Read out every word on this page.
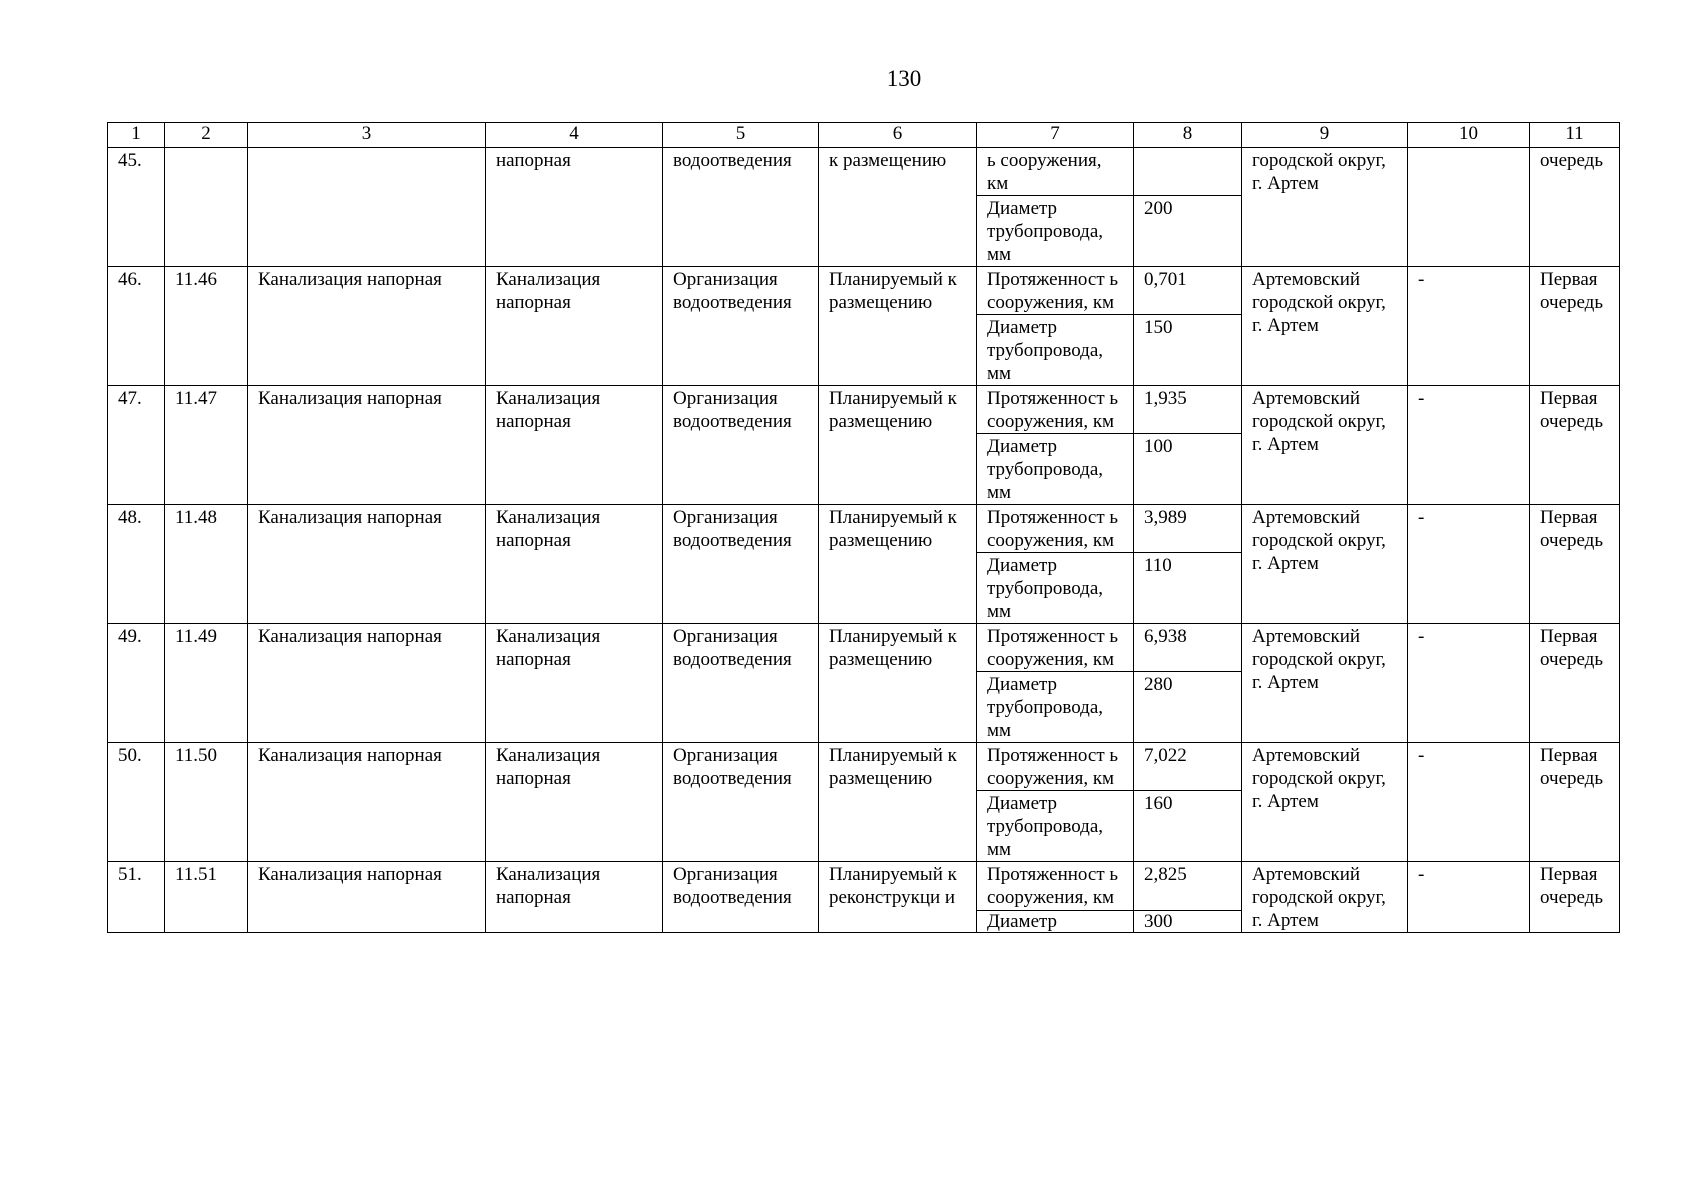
130
1	2	3	4	5	6	7	8	9	10	11
45.			напорная	водоотведения	к размещению	ь сооружения, км		городской округ, г. Артем		очередь
						Диаметр трубопровода, мм	200			
46.	11.46	Канализация напорная	Канализация напорная	Организация водоотведения	Планируемый к размещению	Протяженност ь сооружения, км	0,701	Артемовский городской округ, г. Артем	-	Первая очередь
						Диаметр трубопровода, мм	150			
47.	11.47	Канализация напорная	Канализация напорная	Организация водоотведения	Планируемый к размещению	Протяженност ь сооружения, км	1,935	Артемовский городской округ, г. Артем	-	Первая очередь
						Диаметр трубопровода, мм	100			
48.	11.48	Канализация напорная	Канализация напорная	Организация водоотведения	Планируемый к размещению	Протяженност ь сооружения, км	3,989	Артемовский городской округ, г. Артем	-	Первая очередь
						Диаметр трубопровода, мм	110			
49.	11.49	Канализация напорная	Канализация напорная	Организация водоотведения	Планируемый к размещению	Протяженност ь сооружения, км	6,938	Артемовский городской округ, г. Артем	-	Первая очередь
						Диаметр трубопровода, мм	280			
50.	11.50	Канализация напорная	Канализация напорная	Организация водоотведения	Планируемый к размещению	Протяженност ь сооружения, км	7,022	Артемовский городской округ, г. Артем	-	Первая очередь
						Диаметр трубопровода, мм	160			
51.	11.51	Канализация напорная	Канализация напорная	Организация водоотведения	Планируемый к реконструкци и	Протяженност ь сооружения, км	2,825	Артемовский городской округ, г. Артем	-	Первая очередь
						Диаметр	300			
